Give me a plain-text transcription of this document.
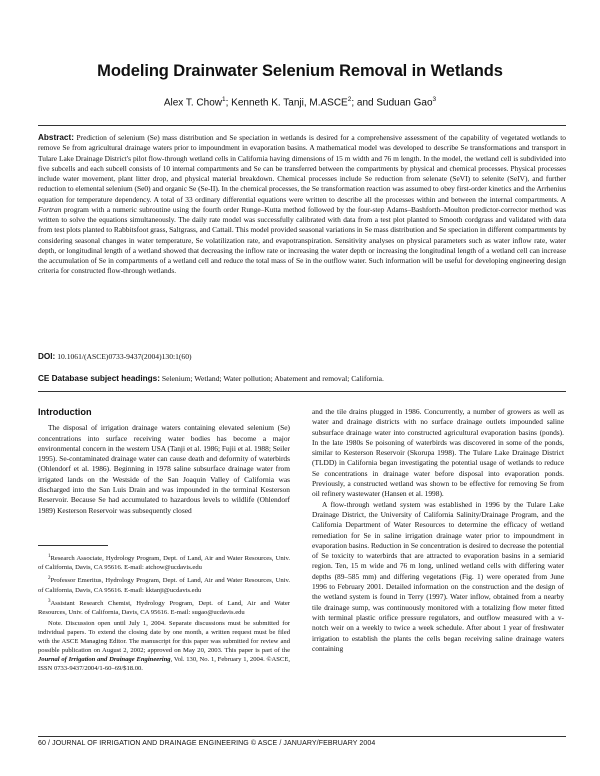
Modeling Drainwater Selenium Removal in Wetlands
Alex T. Chow$^1$; Kenneth K. Tanji, M.ASCE$^2$; and Suduan Gao$^3$
Abstract: Prediction of selenium (Se) mass distribution and Se speciation in wetlands is desired for a comprehensive assessment of the capability of vegetated wetlands to remove Se from agricultural drainage waters prior to impoundment in evaporation basins. A mathematical model was developed to describe Se transformations and transport in Tulare Lake Drainage District's pilot flow-through wetland cells in California having dimensions of 15 m width and 76 m length. In the model, the wetland cell is subdivided into five subcells and each subcell consists of 10 internal compartments and Se can be transferred between the compartments by physical and chemical processes. Physical processes include water movement, plant litter drop, and physical material breakdown. Chemical processes include Se reduction from selenate (SeVI) to selenite (SeIV), and further reduction to elemental selenium (Se0) and organic Se (Se-II). In the chemical processes, the Se transformation reaction was assumed to obey first-order kinetics and the Arrhenius equation for temperature dependency. A total of 33 ordinary differential equations were written to describe all the processes within and between the internal compartments. A Fortran program with a numeric subroutine using the fourth order Runge–Kutta method followed by the four-step Adams–Bashforth–Moulton predictor-corrector method was written to solve the equations simultaneously. The daily rate model was successfully calibrated with data from a test plot planted to Smooth cordgrass and validated with data from test plots planted to Rabbitsfoot grass, Saltgrass, and Cattail. This model provided seasonal variations in Se mass distribution and Se speciation in different compartments by considering seasonal changes in water temperature, Se volatilization rate, and evapotranspiration. Sensitivity analyses on physical parameters such as water inflow rate, water depth, or longitudinal length of a wetland showed that decreasing the inflow rate or increasing the water depth or increasing the longitudinal length of a wetland cell can increase the accumulation of Se in compartments of a wetland cell and reduce the total mass of Se in the outflow water. Such information will be useful for developing engineering design criteria for constructed flow-through wetlands.
DOI: 10.1061/(ASCE)0733-9437(2004)130:1(60)
CE Database subject headings: Selenium; Wetland; Water pollution; Abatement and removal; California.
Introduction

The disposal of irrigation drainage waters containing elevated selenium (Se) concentrations into surface receiving water bodies has become a major environmental concern in the western USA (Tanji et al. 1986; Fujii et al. 1988; Seiler 1995). Se-contaminated drainage water can cause death and deformity of waterbirds (Ohlendorf et al. 1986). Beginning in 1978 saline subsurface drainage water from irrigated lands on the Westside of the San Joaquin Valley of California was discharged into the San Luis Drain and was impounded in the terminal Kesterson Reservoir. Because Se had accumulated to hazardous levels to wildlife (Ohlendorf 1989) Kesterson Reservoir was subsequently closed

$^1$Research Associate, Hydrology Program, Dept. of Land, Air and Water Resources, Univ. of California, Davis, CA 95616. E-mail: atchow@ucdavis.edu

$^2$Professor Emeritus, Hydrology Program, Dept. of Land, Air and Water Resources, Univ. of California, Davis, CA 95616. E-mail: kktanji@ucdavis.edu

$^3$Assistant Research Chemist, Hydrology Program, Dept. of Land, Air and Water Resources, Univ. of California, Davis, CA 95616. E-mail: sugao@ucdavis.edu

Note. Discussion open until July 1, 2004. Separate discussions must be submitted for individual papers. To extend the closing date by one month, a written request must be filed with the ASCE Managing Editor. The manuscript for this paper was submitted for review and possible publication on August 2, 2002; approved on May 20, 2003. This paper is part of the Journal of Irrigation and Drainage Engineering, Vol. 130, No. 1, February 1, 2004. ©ASCE, ISSN 0733-9437/2004/1-60–69/$18.00.

and the tile drains plugged in 1986. Concurrently, a number of growers as well as water and drainage districts with no surface drainage outlets impounded saline subsurface drainage water into constructed agricultural evaporation basins (ponds). In the late 1980s Se poisoning of waterbirds was discovered in some of the ponds, similar to Kesterson Reservoir (Skorupa 1998). The Tulare Lake Drainage District (TLDD) in California began investigating the potential usage of wetlands to reduce Se concentrations in drainage water before disposal into evaporation ponds. Previously, a constructed wetland was shown to be effective for removing Se from oil refinery wastewater (Hansen et al. 1998).

A flow-through wetland system was established in 1996 by the Tulare Lake Drainage District, the University of California Salinity/Drainage Program, and the California Department of Water Resources to determine the efficacy of wetland remediation for Se in saline irrigation drainage water prior to impoundment in evaporation basins. Reduction in Se concentration is desired to decrease the potential of Se toxicity to waterbirds that are attracted to evaporation basins in a semiarid region. Ten, 15 m wide and 76 m long, unlined wetland cells with differing water depths (89–585 mm) and differing vegetations (Fig. 1) were operated from June 1996 to February 2001. Detailed information on the construction and the design of the wetland system is found in Terry (1997). Water inflow, obtained from a nearby tile drainage sump, was continuously monitored with a totalizing flow meter fitted with terminal plastic orifice pressure regulators, and outflow measured with a v-notch weir on a weekly to twice a week schedule. After about 1 year of freshwater irrigation to establish the plants the cells began receiving saline drainage waters containing

60 / JOURNAL OF IRRIGATION AND DRAINAGE ENGINEERING © ASCE / JANUARY/FEBRUARY 2004
